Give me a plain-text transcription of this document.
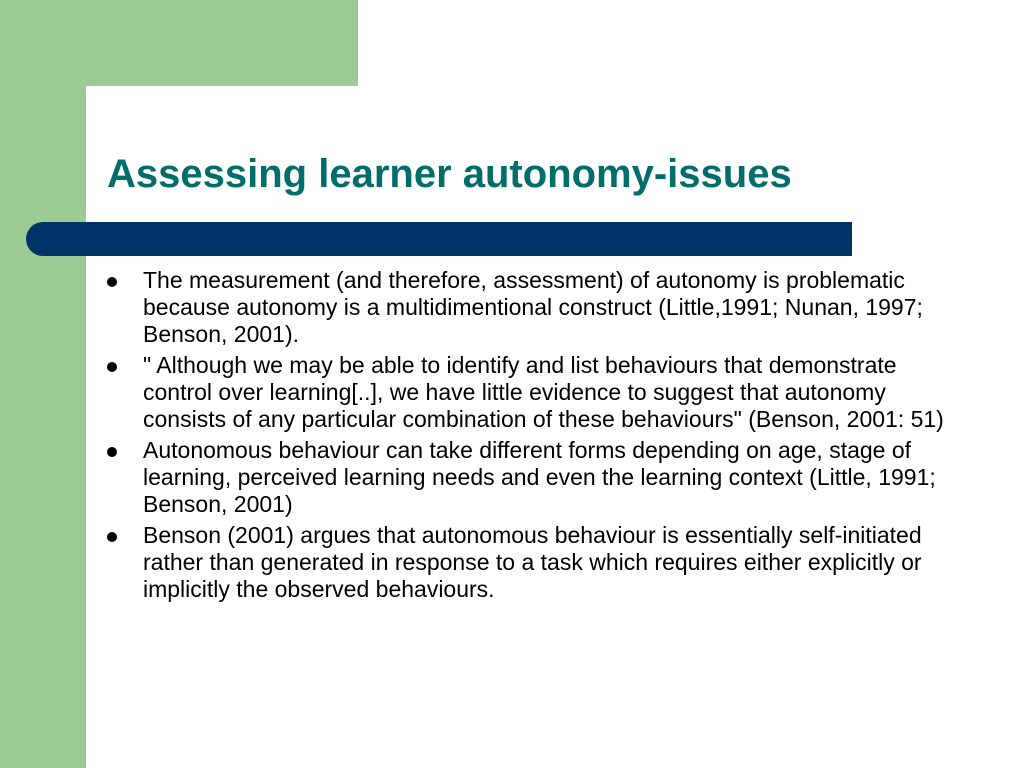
Assessing learner autonomy-issues
The measurement (and therefore, assessment) of autonomy is problematic because autonomy is a multidimentional construct (Little,1991; Nunan, 1997; Benson, 2001).
" Although we may be able to identify and list behaviours that demonstrate control over learning[..], we have little evidence to suggest that autonomy consists of any particular combination of these behaviours" (Benson, 2001: 51)
Autonomous behaviour can take different forms depending on age, stage of learning, perceived learning needs and even the learning context (Little, 1991; Benson, 2001)
Benson (2001) argues that autonomous behaviour is essentially self-initiated rather than generated in response to a task which requires either explicitly or implicitly the observed behaviours.
